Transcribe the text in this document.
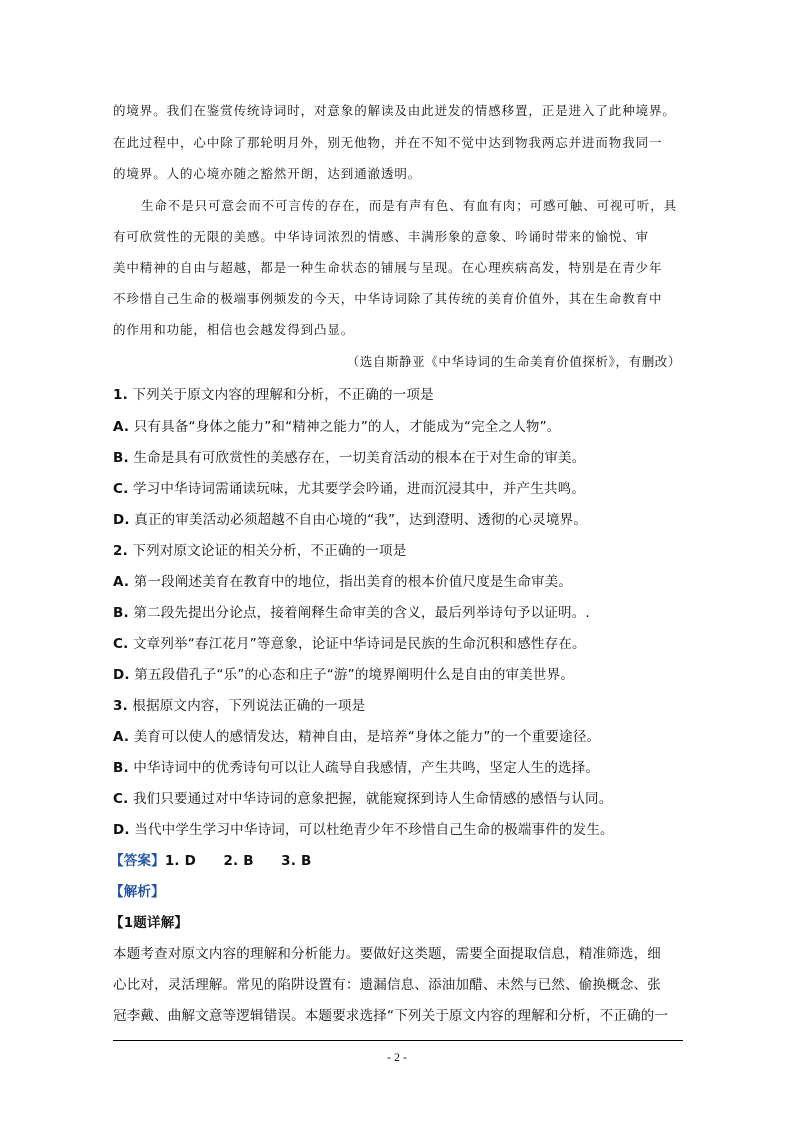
的境界。我们在鉴赏传统诗词时，对意象的解读及由此迸发的情感移置，正是进入了此种境界。
在此过程中，心中除了那轮明月外，别无他物，并在不知不觉中达到物我两忘并进而物我同一
的境界。人的心境亦随之豁然开朗，达到通澈透明。
生命不是只可意会而不可言传的存在，而是有声有色、有血有肉；可感可触、可视可听，具
有可欣赏性的无限的美感。中华诗词浓烈的情感、丰满形象的意象、吟诵时带来的愉悦、审
美中精神的自由与超越，都是一种生命状态的铺展与呈现。在心理疾病高发，特别是在青少年
不珍惜自己生命的极端事例频发的今天，中华诗词除了其传统的美育价值外，其在生命教育中
的作用和功能，相信也会越发得到凸显。
（选自斯静亚《中华诗词的生命美育价值探析》，有删改）
1. 下列关于原文内容的理解和分析，不正确的一项是
A. 只有具备“身体之能力”和“精神之能力”的人，才能成为“完全之人物”。
B. 生命是具有可欣赏性的美感存在，一切美育活动的根本在于对生命的审美。
C. 学习中华诗词需诵读玩味，尤其要学会吟诵，进而沉浸其中，并产生共鸣。
D. 真正的审美活动必须超越不自由心境的“我”，达到澄明、透彻的心灵境界。
2. 下列对原文论证的相关分析，不正确的一项是
A. 第一段阐述美育在教育中的地位，指出美育的根本价值尺度是生命审美。
B. 第二段先提出分论点，接着阐释生命审美的含义，最后列举诗句予以证明。.
C. 文章列举“春江花月”等意象，论证中华诗词是民族的生命沉积和感性存在。
D. 第五段借孔子“乐”的心态和庄子“游”的境界阐明什么是自由的审美世界。
3. 根据原文内容，下列说法正确的一项是
A. 美育可以使人的感情发达，精神自由，是培养“身体之能力”的一个重要途径。
B. 中华诗词中的优秀诗句可以让人疏导自我感情，产生共鸣，坚定人生的选择。
C. 我们只要通过对中华诗词的意象把握，就能窥探到诗人生命情感的感悟与认同。
D. 当代中学生学习中华诗词，可以杜绝青少年不珍惜自己生命的极端事件的发生。
【答案】1. D　　2. B　　3. B
【解析】
【1题详解】
本题考查对原文内容的理解和分析能力。要做好这类题，需要全面提取信息，精准筛选，细
心比对，灵活理解。常见的陷阱设置有：遗漏信息、添油加醋、未然与已然、偷换概念、张
冠李戴、曲解文意等逻辑错误。本题要求选择“下列关于原文内容的理解和分析，不正确的一
- 2 -
